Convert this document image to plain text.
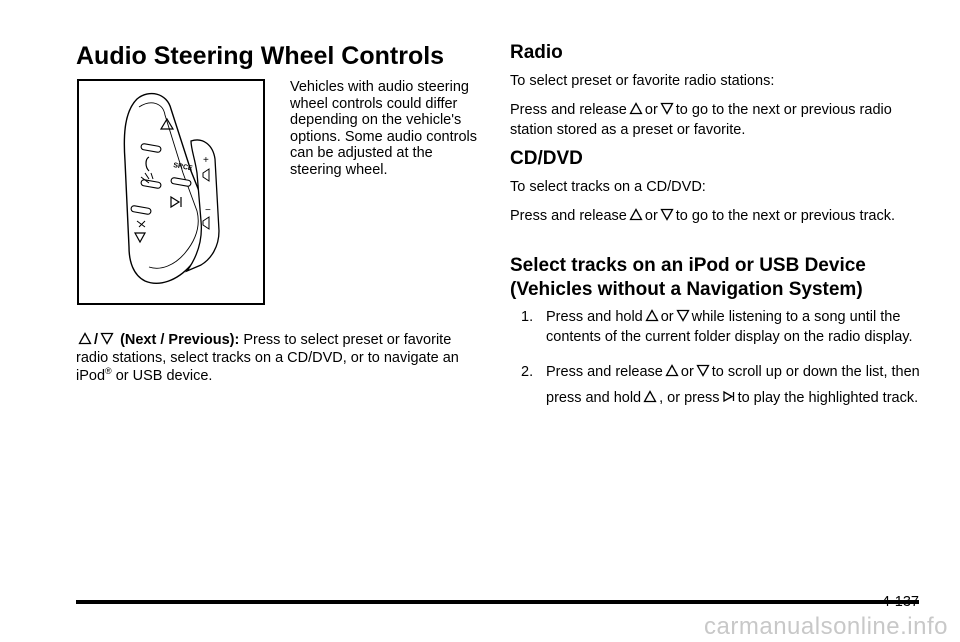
Audio Steering Wheel Controls
SRCE
+
−
Vehicles with audio steering wheel controls could differ depending on the vehicle's options. Some audio controls can be adjusted at the steering wheel.
/ (Next / Previous): Press to select preset or favorite radio stations, select tracks on a CD/DVD, or to navigate an iPod® or USB device.

Radio

To select preset or favorite radio stations:

Press and release or to go to the next or previous radio station stored as a preset or favorite.

CD/DVD

To select tracks on a CD/DVD:

Press and release or to go to the next or previous track.

Select tracks on an iPod or USB Device

(Vehicles without a Navigation System)

1. Press and hold or while listening to a song until the contents of the current folder display on the radio display.
2. Press and release or to scroll up or down the list, then press and hold , or press to play the highlighted track.
4-137
carmanualsonline.info
